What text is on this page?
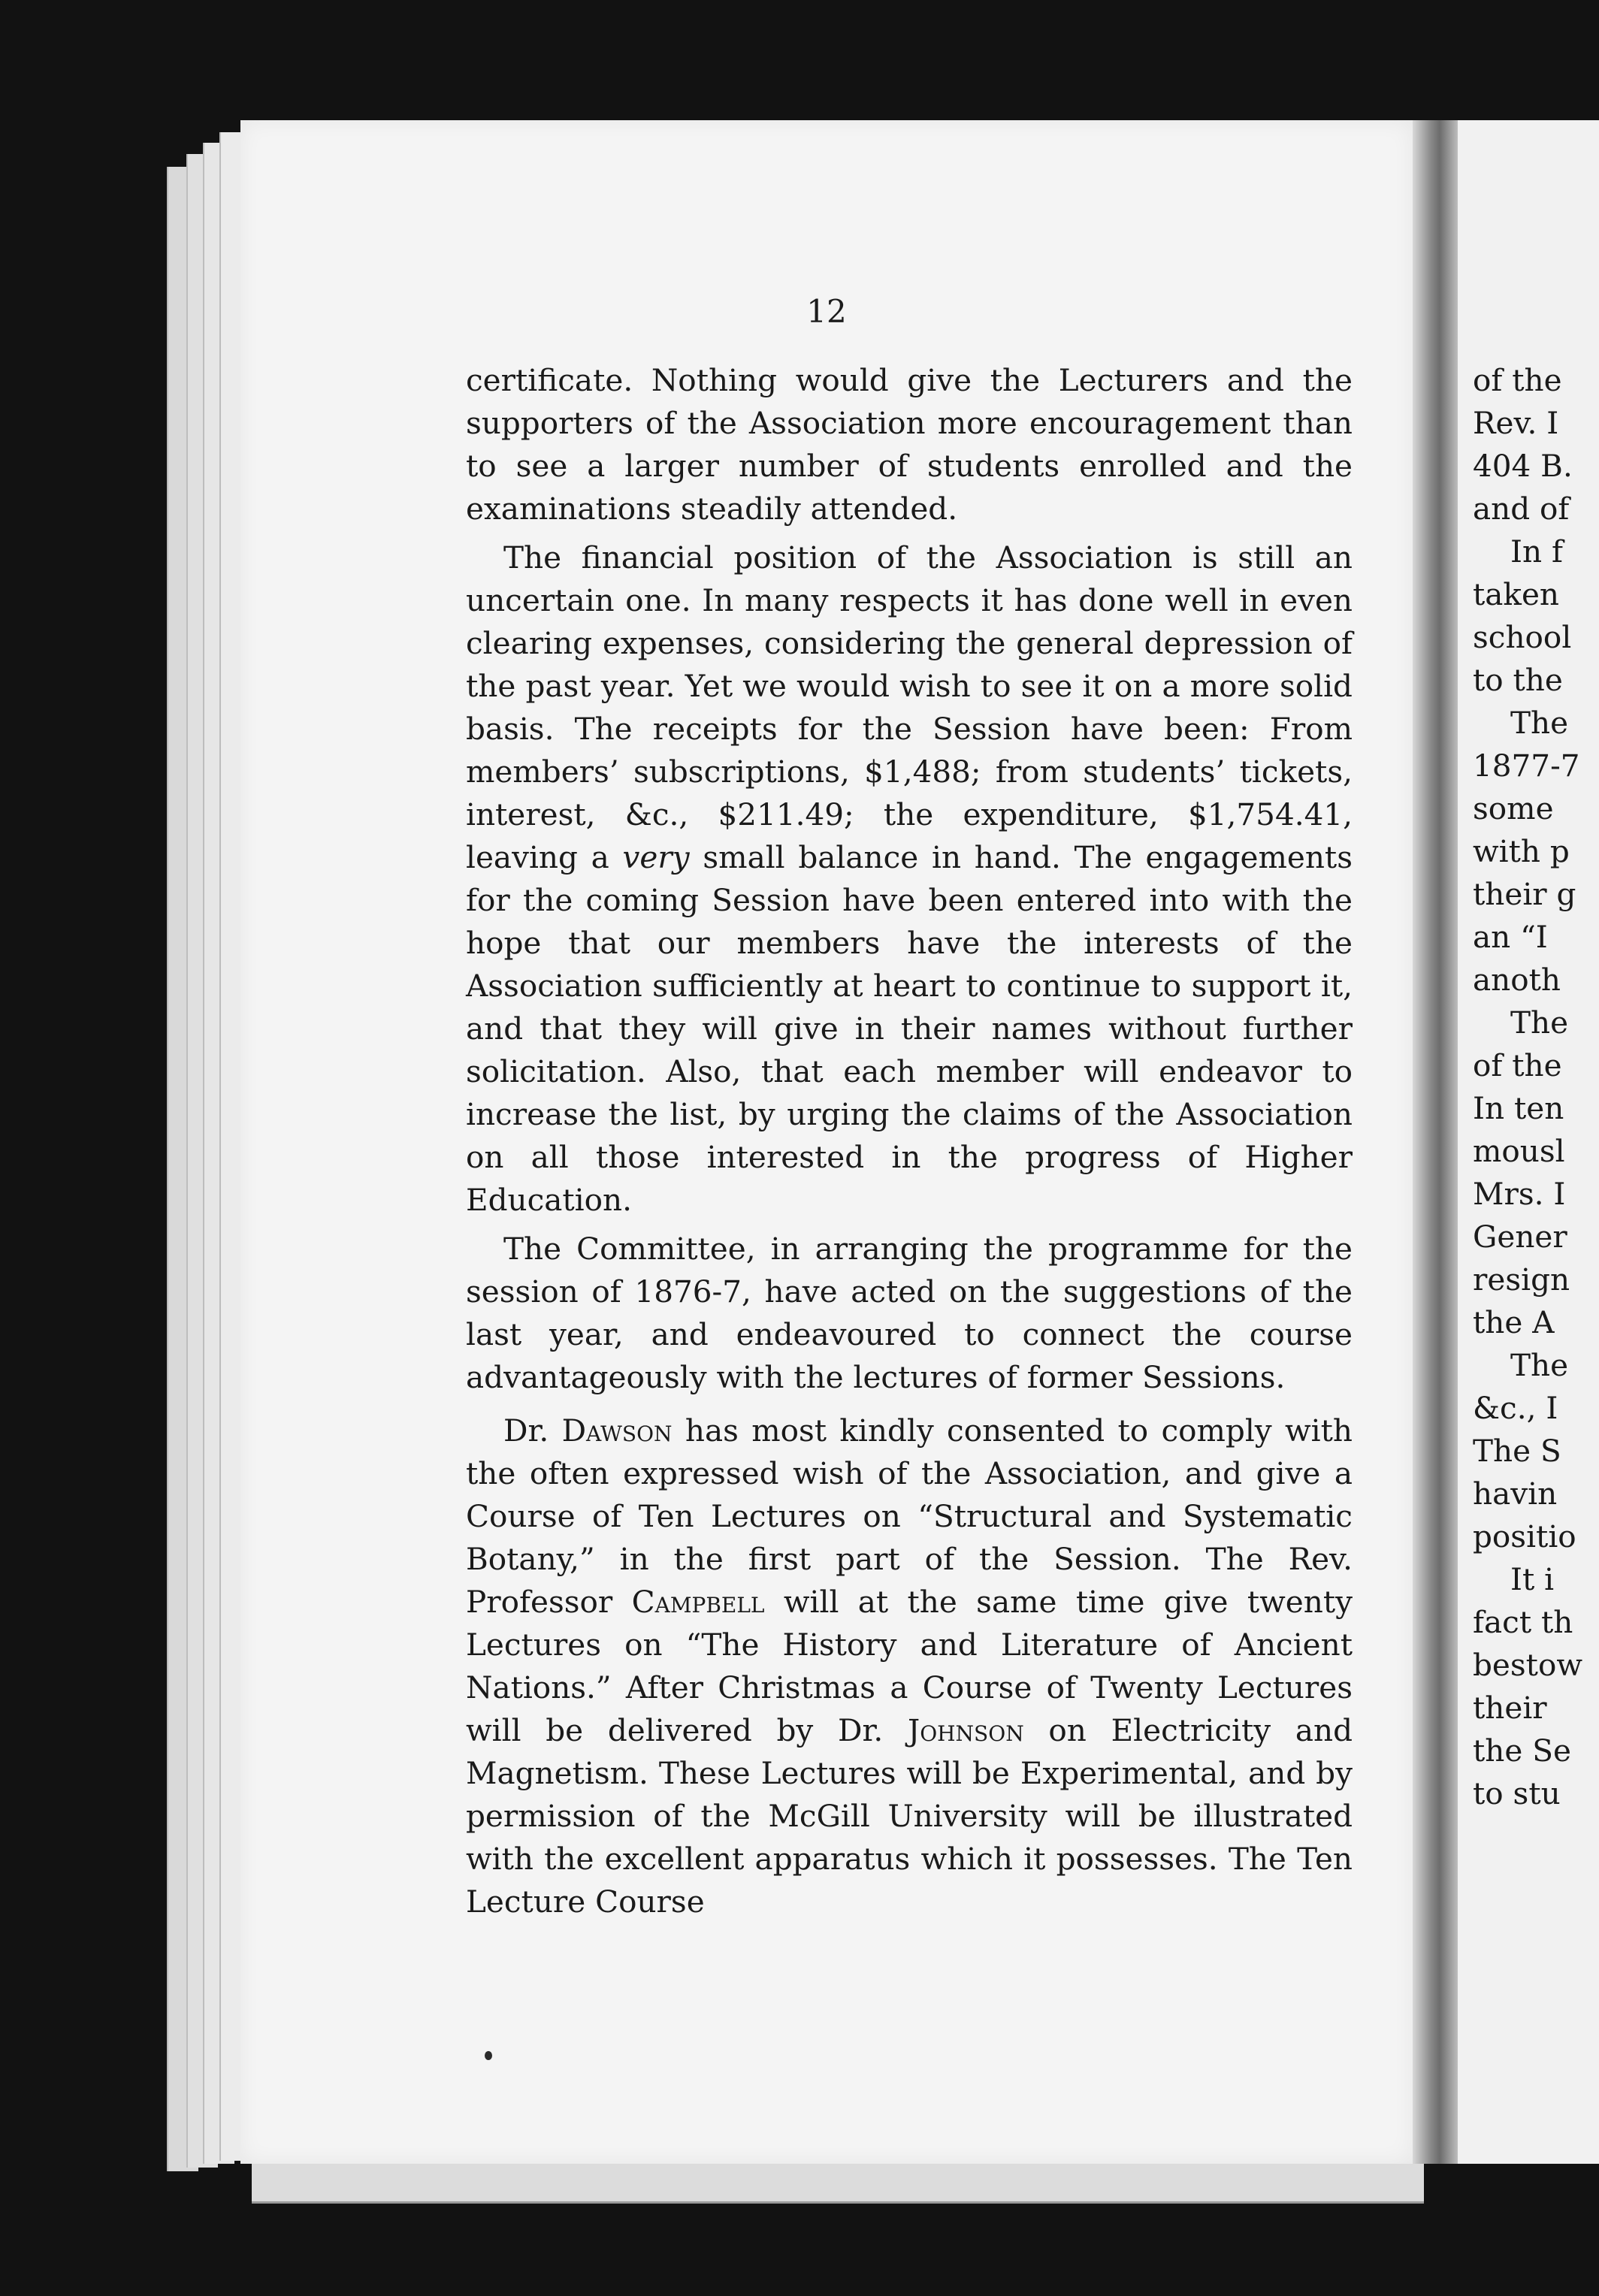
12

certificate. Nothing would give the Lecturers and the supporters of the Association more encouragement than to see a larger number of students enrolled and the examinations steadily attended.

The financial position of the Association is still an uncertain one. In many respects it has done well in even clearing expenses, considering the general depression of the past year. Yet we would wish to see it on a more solid basis. The receipts for the Session have been: From members’ subscriptions, $1,488; from students’ tickets, interest, &c., $211.49; the expenditure, $1,754.41, leaving a very small balance in hand. The engagements for the coming Session have been entered into with the hope that our members have the interests of the Association sufficiently at heart to continue to support it, and that they will give in their names without further solicitation. Also, that each member will endeavor to increase the list, by urging the claims of the Association on all those interested in the progress of Higher Education.

The Committee, in arranging the programme for the session of 1876-7, have acted on the suggestions of the last year, and endeavoured to connect the course advantageously with the lectures of former Sessions.

Dr. Dawson has most kindly consented to comply with the often expressed wish of the Association, and give a Course of Ten Lectures on “Structural and Systematic Botany,” in the first part of the Session. The Rev. Professor Campbell will at the same time give twenty Lectures on “The History and Literature of Ancient Nations.” After Christmas a Course of Twenty Lectures will be delivered by Dr. Johnson on Electricity and Magnetism. These Lectures will be Experimental, and by permission of the McGill University will be illustrated with the excellent apparatus which it possesses. The Ten Lecture Course

of the
Rev. I
404 B.
and of
In f
taken
school
to the
The
1877-7
some
with p
their g
an “I
anoth
The
of the
In ten
mousl
Mrs. I
Gener
resign
the A
The
&c., I
The S
havin
positio
It i
fact th
bestow
their
the Se
to stu
